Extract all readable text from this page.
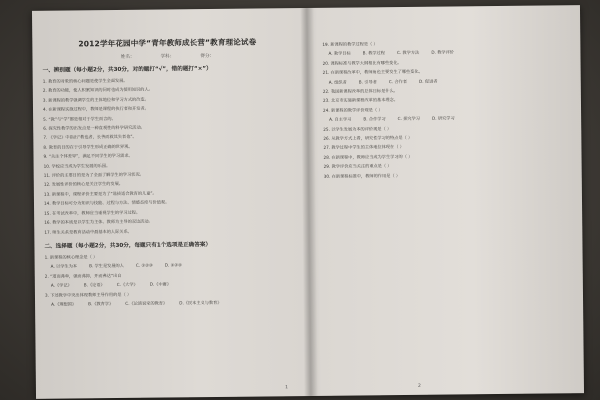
2012学年花园中学“青年教师成长营”教育理论试卷
姓名：	学科：	得分：
一、辨别题（每小题2分，共30分，对的题打“√”，错的题打“×”）
1. 教育的对象的核心问题是使学生全面发展。
2. 教育的功能，使人积累知识的同时也成为使用知识的人。
3. 新课程的教学强调学生的主体地位和学习方式的改变。
4. 在新课程实施过程中，教师是课程的执行者和开发者。
5. “教”与“学”都是相对于学生而言的。
6. 探究性教学的出发点是一种直观性的科学研究活动。
7. 《学记》中指出“教也者，长善而救其失者也”。
8. 教育的目的在于引导学生形成正确的世界观。
9. “关注个体差异”，满足不同学生的学习需求。
10. 学校应当成为学生发展的乐园。
11. 评价的主要目的是为了全面了解学生的学习状况。
12. 发展性评价的核心是关注学生的发展。
13. 新课程中，课程评价主要是为了“选拔适合教育的儿童”。
14. 教学目标可分为知识与技能、过程与方法、情感态度与价值观。
15. 在考试改革中，教师应当重视学生的学习过程。
16. 教学的本质是以学生为主体、教师为主导的双边活动。
17. 师生关系是教育活动中最基本的人际关系。
二、选择题（每小题2分，共30分，每题只有1个选项是正确答案）
1. 新课程的核心理念是（ ）
A. 以学生为本	B. 学生是发展的人	C. ①②③	D. ①②④
2. “道而弗牵，强而弗抑，开而弗达”出自
A.《学记》	B.《论语》	C.《大学》	D.《中庸》
3. 下述教学中突出体现教师主导作用的是（ ）
A.《理想国》	B.《教育学》	C.《论演说家的教育》	D.《民本主义与教育》
1
19. 新课程的教学过程是（ ）
A. 教学目标	B. 教学过程	C. 教学方法	D. 教学评价
20. 课程标准与教学大纲相比有哪些变化。
21. 在新课程改革中，教师角色主要发生了哪些变化。
A. 组织者	B. 引导者	C. 合作者	D. 促进者
22. 我国新课程改革的总体目标是什么。
23. 北京市实施新课程改革的基本理念。
24. 新课程的教学评价观是（ ）
A. 自主学习	B. 合作学习	C. 探究学习	D. 研究学习
25. 以学生发展为本的评价观是（ ）
26. 从教学方式上看，研究性学习的特点是（ ）
27. 教学过程中学生的主体地位体现在（ ）
28. 在新课程中，教师应当成为学生学习的（ ）
29. 教学评价应当关注的重点是（ ）
30. 在新课程标准中，教师的作用是（ ）
2
